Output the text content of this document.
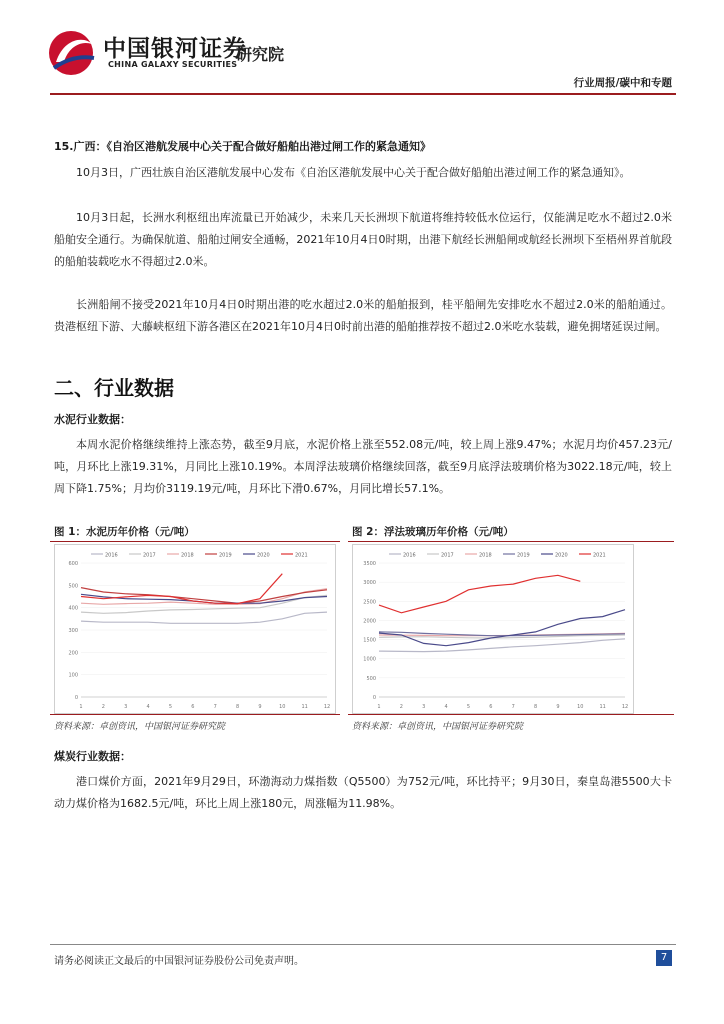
中国银河证券
CHINA GALAXY SECURITIES
研究院
行业周报/碳中和专题
15.广西：《自治区港航发展中心关于配合做好船舶出港过闸工作的紧急通知》

10月3日，广西壮族自治区港航发展中心发布《自治区港航发展中心关于配合做好船舶出港过闸工作的紧急通知》。

10月3日起，长洲水利枢纽出库流量已开始减少，未来几天长洲坝下航道将维持较低水位运行，仅能满足吃水不超过2.0米船舶安全通行。为确保航道、船舶过闸安全通畅，2021年10月4日0时期，出港下航经长洲船闸或航经长洲坝下至梧州界首航段的船舶装载吃水不得超过2.0米。

长洲船闸不接受2021年10月4日0时期出港的吃水超过2.0米的船舶报到，桂平船闸先安排吃水不超过2.0米的船舶通过。贵港枢纽下游、大藤峡枢纽下游各港区在2021年10月4日0时前出港的船舶推荐按不超过2.0米吃水装载，避免拥堵延误过闸。

二、行业数据
水泥行业数据：

本周水泥价格继续维持上涨态势，截至9月底，水泥价格上涨至552.08元/吨，较上周上涨9.47%；水泥月均价457.23元/吨，月环比上涨19.31%，月同比上涨10.19%。本周浮法玻璃价格继续回落，截至9月底浮法玻璃价格为3022.18元/吨，较上周下降1.75%；月均价3119.19元/吨，月环比下滑0.67%，月同比增长57.1%。

图 1：水泥历年价格（元/吨）
2016	2017	2018	2019	2020	2021
0
100
200
300
400
500
600
1	2	3	4	5	6	7	8	9	10	11	12
资料来源：卓创资讯，中国银河证券研究院
图 2：浮法玻璃历年价格（元/吨）
2016	2017	2018	2019	2020	2021
0
500
1000
1500
2000
2500
3000
3500
1	2	3	4	5	6	7	8	9	10	11	12
资料来源：卓创资讯，中国银河证券研究院
煤炭行业数据：

港口煤价方面，2021年9月29日，环渤海动力煤指数（Q5500）为752元/吨，环比持平；9月30日，秦皇岛港5500大卡动力煤价格为1682.5元/吨，环比上周上涨180元，周涨幅为11.98%。

请务必阅读正文最后的中国银河证券股份公司免责声明。	7
